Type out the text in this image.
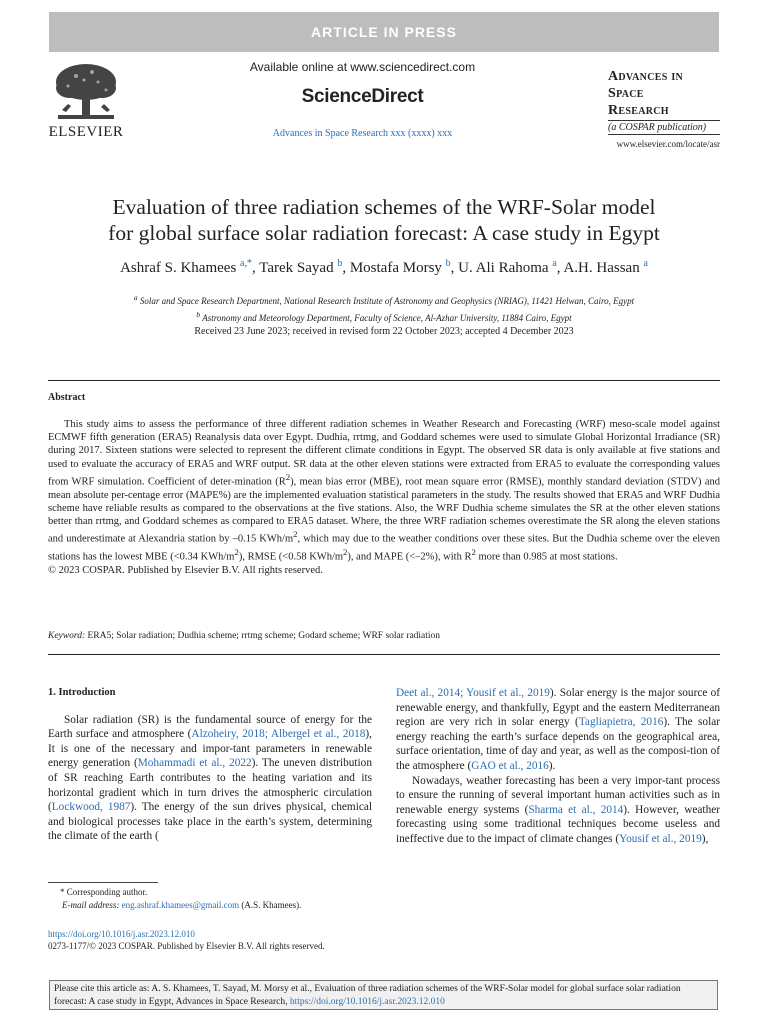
ARTICLE IN PRESS
ELSEVIER
Available online at www.sciencedirect.com
ScienceDirect
Advances in Space Research xxx (xxxx) xxx
Advances in
Space
Research
(a COSPAR publication)
www.elsevier.com/locate/asr
Evaluation of three radiation schemes of the WRF-Solar model
for global surface solar radiation forecast: A case study in Egypt
Ashraf S. Khamees $^{a,*}$, Tarek Sayad $^b$, Mostafa Morsy $^b$, U. Ali Rahoma $^a$, A.H. Hassan $^a$
$^a$ Solar and Space Research Department, National Research Institute of Astronomy and Geophysics (NRIAG), 11421 Helwan, Cairo, Egypt
$^b$ Astronomy and Meteorology Department, Faculty of Science, Al-Azhar University, 11884 Cairo, Egypt
Received 23 June 2023; received in revised form 22 October 2023; accepted 4 December 2023
Abstract

This study aims to assess the performance of three different radiation schemes in Weather Research and Forecasting (WRF) meso-scale model against ECMWF fifth generation (ERA5) Reanalysis data over Egypt. Dudhia, rrtmg, and Goddard schemes were used to simulate Global Horizontal Irradiance (SR) during 2017. Sixteen stations were selected to represent the different climate conditions in Egypt. The observed SR data is only available at five stations and used to evaluate the accuracy of ERA5 and WRF output. SR data at the other eleven stations were extracted from ERA5 to evaluate the corresponding values from WRF simulation. Coefficient of deter-mination $(R^2)$, mean bias error (MBE), root mean square error (RMSE), monthly standard deviation (STDV) and mean absolute per-centage error (MAPE%) are the implemented evaluation statistical parameters in the study. The results showed that ERA5 and WRF Dudhia scheme have reliable results as compared to the observations at the five stations. Also, the WRF Dudhia scheme simulates the SR at the other eleven stations better than rrtmg, and Goddard schemes as compared to ERA5 dataset. Where, the three WRF radiation schemes overestimate the SR along the eleven stations and underestimate at Alexandria station by –0.15 KWh/$m^2$, which may due to the weather conditions over these sites. But the Dudhia scheme over the eleven stations has the lowest MBE (<0.34 KWh/$m^2$), RMSE (<0.58 KWh/$m^2$), and MAPE (<–2%), with $R^2$ more than 0.985 at most stations.

© 2023 COSPAR. Published by Elsevier B.V. All rights reserved.

Keyword: ERA5; Solar radiation; Dudhia scheme; rrtmg scheme; Godard scheme; WRF solar radiation

1. Introduction

Solar radiation (SR) is the fundamental source of energy for the Earth surface and atmosphere (Alzoheiry, 2018; Albergel et al., 2018), It is one of the necessary and impor-tant parameters in renewable energy generation (Mohammadi et al., 2022). The uneven distribution of SR reaching Earth contributes to the heating variation and its horizontal gradient which in turn drives the atmospheric circulation (Lockwood, 1987). The energy of the sun drives physical, chemical and biological processes take place in the earth’s system, determining the climate of the earth (

Deet al., 2014; Yousif et al., 2019). Solar energy is the major source of renewable energy, and thankfully, Egypt and the eastern Mediterranean region are very rich in solar energy (Tagliapietra, 2016). The solar energy reaching the earth’s surface depends on the geographical area, surface orientation, time of day and year, as well as the composi-tion of the atmosphere (GAO et al., 2016).

Nowadays, weather forecasting has been a very impor-tant process to ensure the running of several important human activities such as in renewable energy systems (Sharma et al., 2014). However, weather forecasting using some traditional techniques become useless and ineffective due to the impact of climate changes (Yousif et al., 2019),

* Corresponding author.
E-mail address: eng.ashraf.khamees@gmail.com (A.S. Khamees).
https://doi.org/10.1016/j.asr.2023.12.010
0273-1177/© 2023 COSPAR. Published by Elsevier B.V. All rights reserved.
Please cite this article as: A. S. Khamees, T. Sayad, M. Morsy et al., Evaluation of three radiation schemes of the WRF-Solar model for global surface solar radiation forecast: A case study in Egypt, Advances in Space Research, https://doi.org/10.1016/j.asr.2023.12.010
